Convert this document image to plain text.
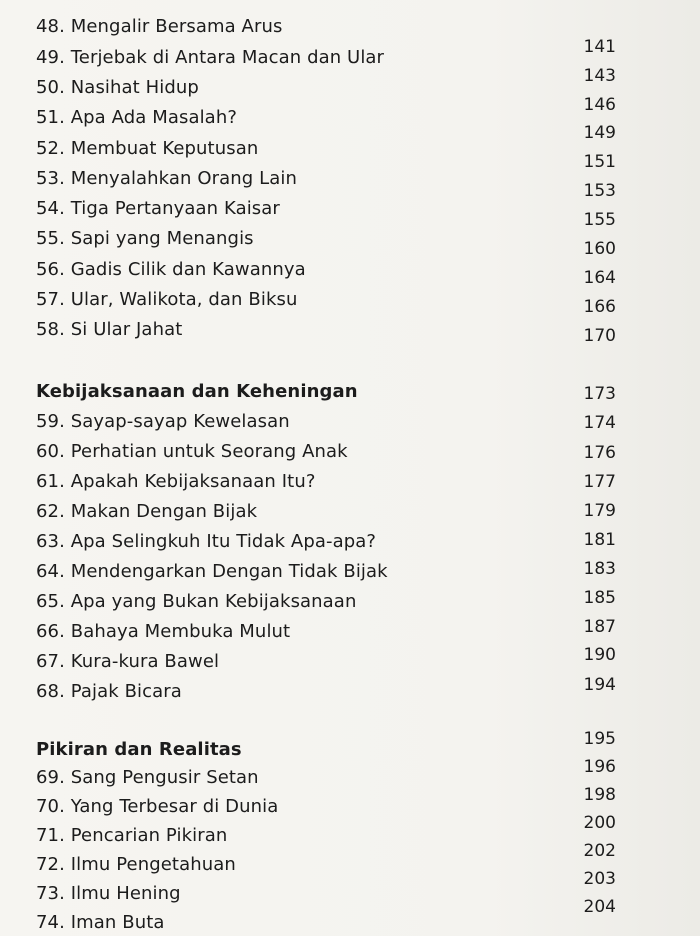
48. Mengalir Bersama Arus
49. Terjebak di Antara Macan dan Ular
50. Nasihat Hidup
51. Apa Ada Masalah?
52. Membuat Keputusan
53. Menyalahkan Orang Lain
54. Tiga Pertanyaan Kaisar
55. Sapi yang Menangis
56. Gadis Cilik dan Kawannya
57. Ular, Walikota, dan Biksu
58. Si Ular Jahat
141
143
146
149
151
153
155
160
164
166
170
Kebijaksanaan dan Keheningan
59. Sayap-sayap Kewelasan
60. Perhatian untuk Seorang Anak
61. Apakah Kebijaksanaan Itu?
62. Makan Dengan Bijak
63. Apa Selingkuh Itu Tidak Apa-apa?
64. Mendengarkan Dengan Tidak Bijak
65. Apa yang Bukan Kebijaksanaan
66. Bahaya Membuka Mulut
67. Kura-kura Bawel
68. Pajak Bicara
173
174
176
177
179
181
183
185
187
190
194
Pikiran dan Realitas
69. Sang Pengusir Setan
70. Yang Terbesar di Dunia
71. Pencarian Pikiran
72. Ilmu Pengetahuan
73. Ilmu Hening
74. Iman Buta
195
196
198
200
202
203
204
